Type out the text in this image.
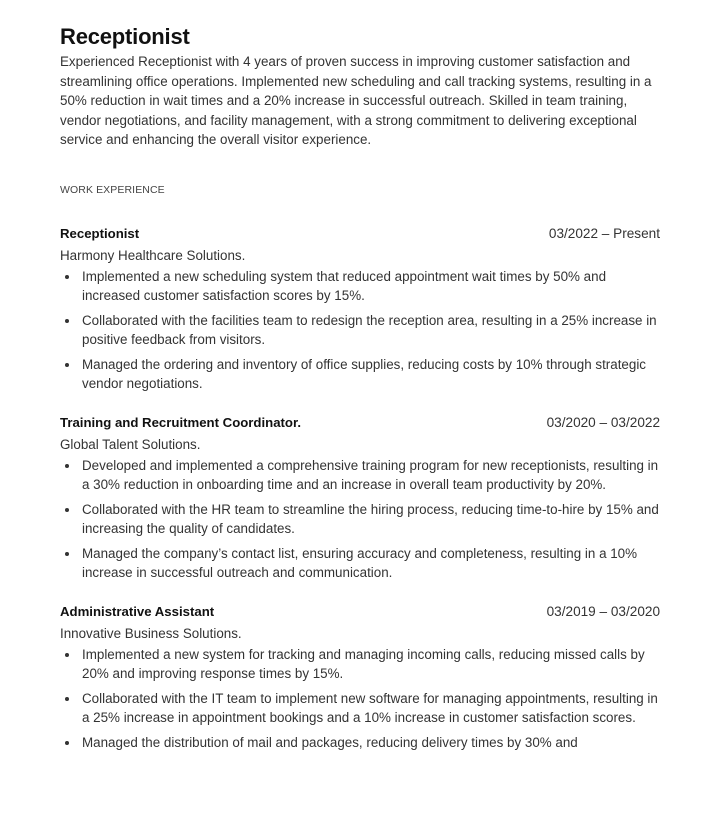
Receptionist

Experienced Receptionist with 4 years of proven success in improving customer satisfaction and streamlining office operations. Implemented new scheduling and call tracking systems, resulting in a 50% reduction in wait times and a 20% increase in successful outreach. Skilled in team training, vendor negotiations, and facility management, with a strong commitment to delivering exceptional service and enhancing the overall visitor experience.

WORK EXPERIENCE
Receptionist	03/2022 – Present
Harmony Healthcare Solutions.
Implemented a new scheduling system that reduced appointment wait times by 50% and increased customer satisfaction scores by 15%.
Collaborated with the facilities team to redesign the reception area, resulting in a 25% increase in positive feedback from visitors.
Managed the ordering and inventory of office supplies, reducing costs by 10% through strategic vendor negotiations.
Training and Recruitment Coordinator.	03/2020 – 03/2022
Global Talent Solutions.
Developed and implemented a comprehensive training program for new receptionists, resulting in a 30% reduction in onboarding time and an increase in overall team productivity by 20%.
Collaborated with the HR team to streamline the hiring process, reducing time-to-hire by 15% and increasing the quality of candidates.
Managed the company’s contact list, ensuring accuracy and completeness, resulting in a 10% increase in successful outreach and communication.
Administrative Assistant	03/2019 – 03/2020
Innovative Business Solutions.
Implemented a new system for tracking and managing incoming calls, reducing missed calls by 20% and improving response times by 15%.
Collaborated with the IT team to implement new software for managing appointments, resulting in a 25% increase in appointment bookings and a 10% increase in customer satisfaction scores.
Managed the distribution of mail and packages, reducing delivery times by 30% and
